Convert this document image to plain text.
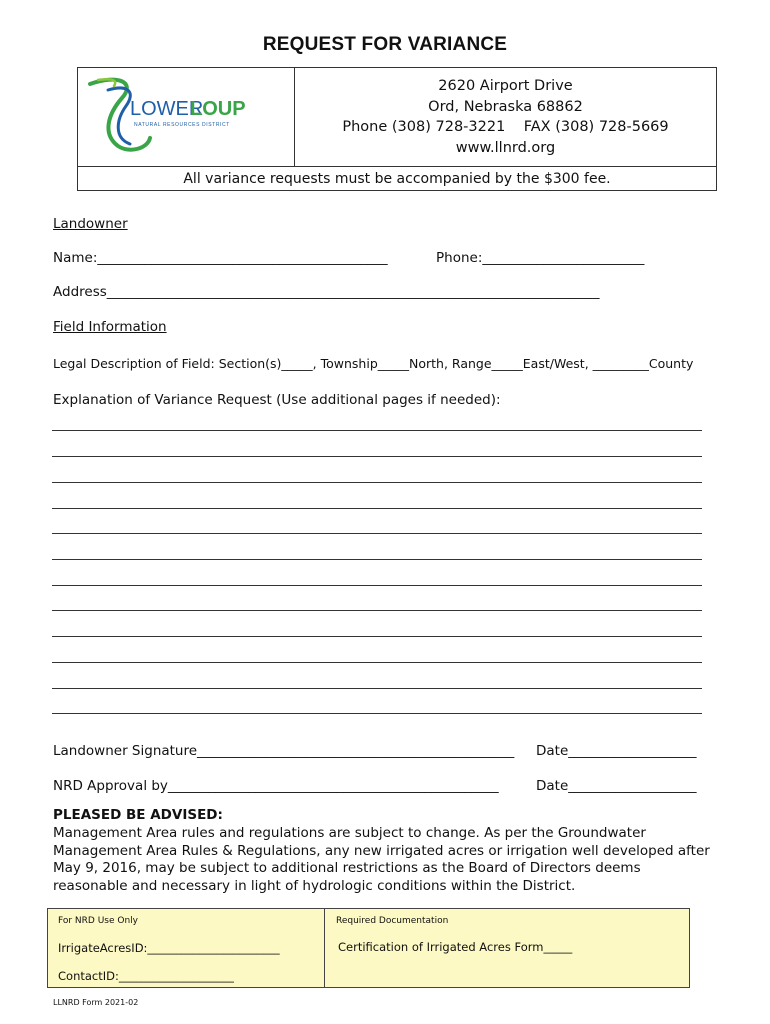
REQUEST FOR VARIANCE
LOWER
LOUP
NATURAL RESOURCES DISTRICT
2620 Airport Drive
Ord, Nebraska 68862
Phone (308) 728-3221    FAX (308) 728-5669
www.llnrd.org
All variance requests must be accompanied by the $300 fee.
Landowner
Name:___________________________________________	Phone:________________________
Address_________________________________________________________________________
Field Information
Legal Description of Field: Section(s)_____, Township_____North, Range_____East/West, _________County
Explanation of Variance Request (Use additional pages if needed):
Landowner Signature_______________________________________________ Date___________________
NRD Approval by_________________________________________________	Date___________________
PLEASED BE ADVISED:
Management Area rules and regulations are subject to change. As per the Groundwater Management Area Rules & Regulations, any new irrigated acres or irrigation well developed after May 9, 2016, may be subject to additional restrictions as the Board of Directors deems reasonable and necessary in light of hydrologic conditions within the District.
For NRD Use Only	Required Documentation
IrrigateAcresID:_______________________	Certification of Irrigated Acres Form_____
ContactID:____________________
LLNRD Form 2021-02
